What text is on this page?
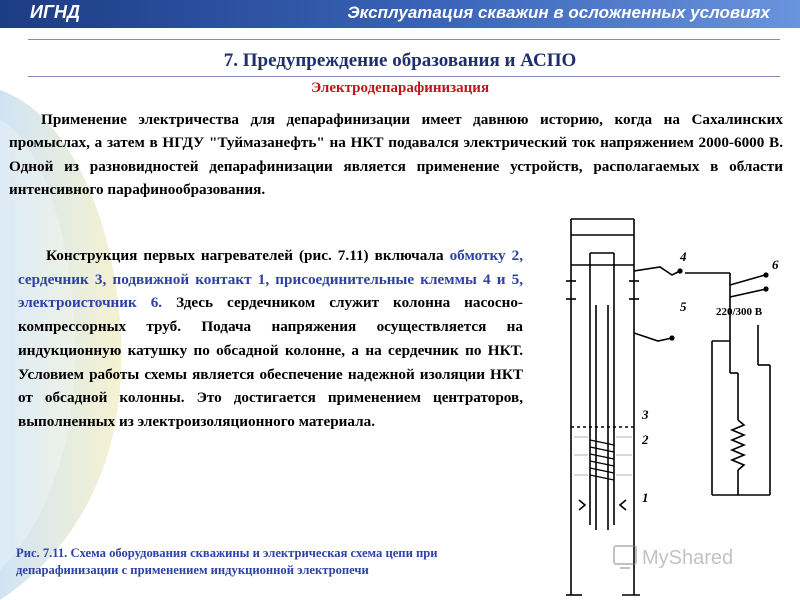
ИГНД	Эксплуатация скважин в осложненных условиях
7. Предупреждение образования и АСПО
Электродепарафинизация

Применение электричества для депарафинизации имеет давнюю историю, когда на Сахалинских промыслах, а затем в НГДУ "Туймазанефть" на НКТ подавался электрический ток напряжением 2000-6000 В. Одной из разновидностей депарафинизации является применение устройств, располагаемых в области интенсивного парафинообразования.

Конструкция первых нагревателей (рис. 7.11) включала обмотку 2, сердечник 3, подвижной контакт 1, присоединительные клеммы 4 и 5, электроисточник 6. Здесь сердечником служит колонна насосно-компрессорных труб. Подача напряжения осуществляется на индукционную катушку по обсадной колонне, а на сердечник по НКТ. Условием работы схемы является обеспечение надежной изоляции НКТ от обсадной колонны. Это достигается применением центраторов, выполненных из электроизоляционного материала.

Рис. 7.11. Схема оборудования скважины и электрическая схема цепи при депарафинизации с применением индукционной электропечи
4
5
3
2
1
6
220/300 В
MyShared
